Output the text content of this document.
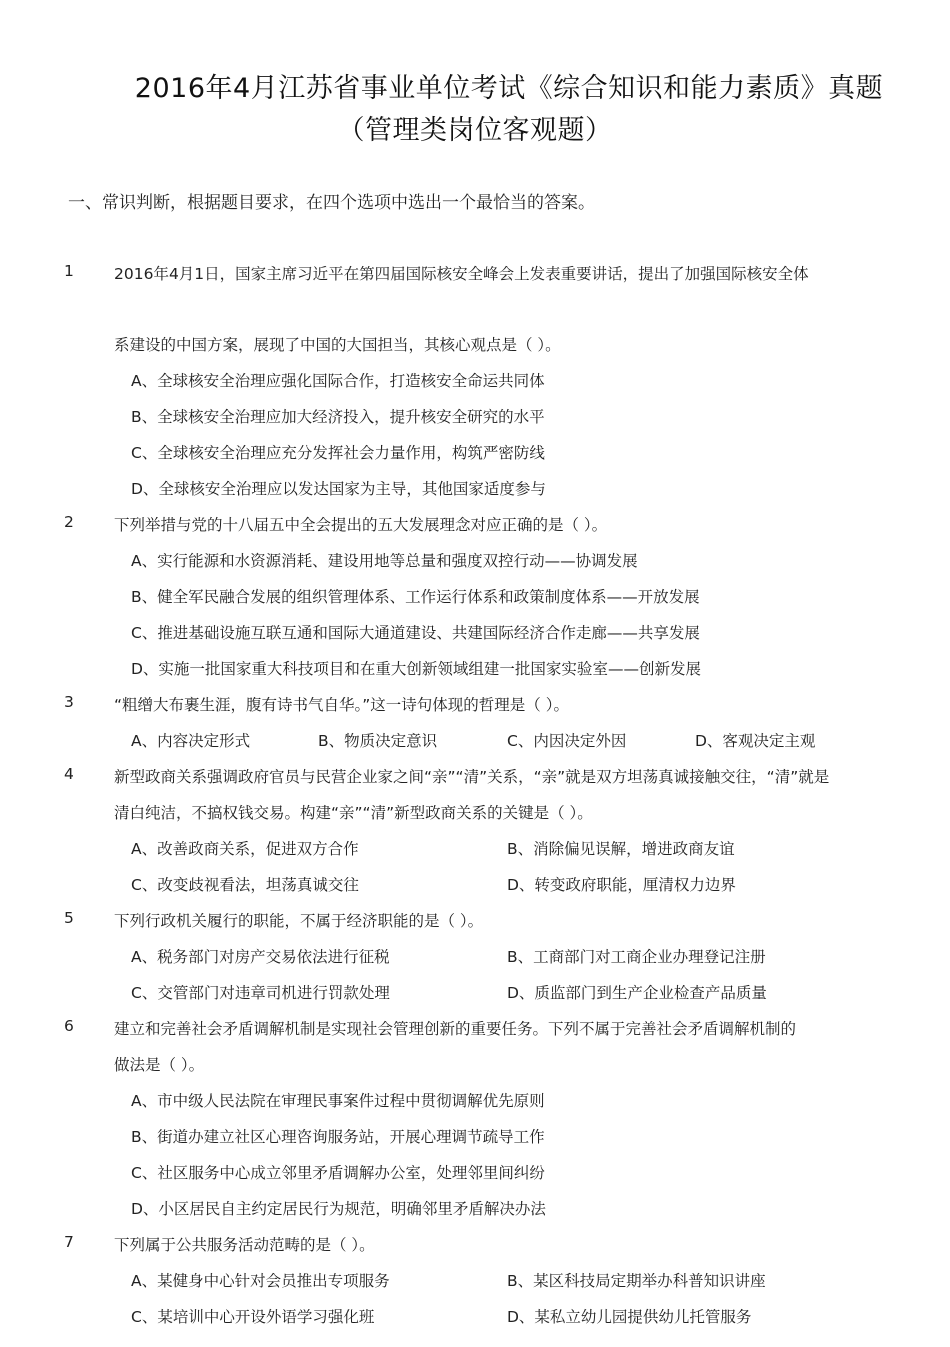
2016年4月江苏省事业单位考试《综合知识和能力素质》真题
（管理类岗位客观题）
一、常识判断，根据题目要求，在四个选项中选出一个最恰当的答案。
1	2016年4月1日，国家主席习近平在第四届国际核安全峰会上发表重要讲话，提出了加强国际核安全体
系建设的中国方案，展现了中国的大国担当，其核心观点是（ ）。
A、全球核安全治理应强化国际合作，打造核安全命运共同体
B、全球核安全治理应加大经济投入，提升核安全研究的水平
C、全球核安全治理应充分发挥社会力量作用，构筑严密防线
D、全球核安全治理应以发达国家为主导，其他国家适度参与
2	下列举措与党的十八届五中全会提出的五大发展理念对应正确的是（ ）。
A、实行能源和水资源消耗、建设用地等总量和强度双控行动——协调发展
B、健全军民融合发展的组织管理体系、工作运行体系和政策制度体系——开放发展
C、推进基础设施互联互通和国际大通道建设、共建国际经济合作走廊——共享发展
D、实施一批国家重大科技项目和在重大创新领域组建一批国家实验室——创新发展
3	“粗缯大布裹生涯，腹有诗书气自华。”这一诗句体现的哲理是（ ）。
A、内容决定形式	B、物质决定意识	C、内因决定外因	D、客观决定主观
4	新型政商关系强调政府官员与民营企业家之间“亲”“清”关系，“亲”就是双方坦荡真诚接触交往，“清”就是
清白纯洁，不搞权钱交易。构建“亲”“清”新型政商关系的关键是（ ）。
A、改善政商关系，促进双方合作	B、消除偏见误解，增进政商友谊
C、改变歧视看法，坦荡真诚交往	D、转变政府职能，厘清权力边界
5	下列行政机关履行的职能，不属于经济职能的是（ ）。
A、税务部门对房产交易依法进行征税	B、工商部门对工商企业办理登记注册
C、交管部门对违章司机进行罚款处理	D、质监部门到生产企业检查产品质量
6	建立和完善社会矛盾调解机制是实现社会管理创新的重要任务。下列不属于完善社会矛盾调解机制的
做法是（ ）。
A、市中级人民法院在审理民事案件过程中贯彻调解优先原则
B、街道办建立社区心理咨询服务站，开展心理调节疏导工作
C、社区服务中心成立邻里矛盾调解办公室，处理邻里间纠纷
D、小区居民自主约定居民行为规范，明确邻里矛盾解决办法
7	下列属于公共服务活动范畴的是（ ）。
A、某健身中心针对会员推出专项服务	B、某区科技局定期举办科普知识讲座
C、某培训中心开设外语学习强化班	D、某私立幼儿园提供幼儿托管服务
